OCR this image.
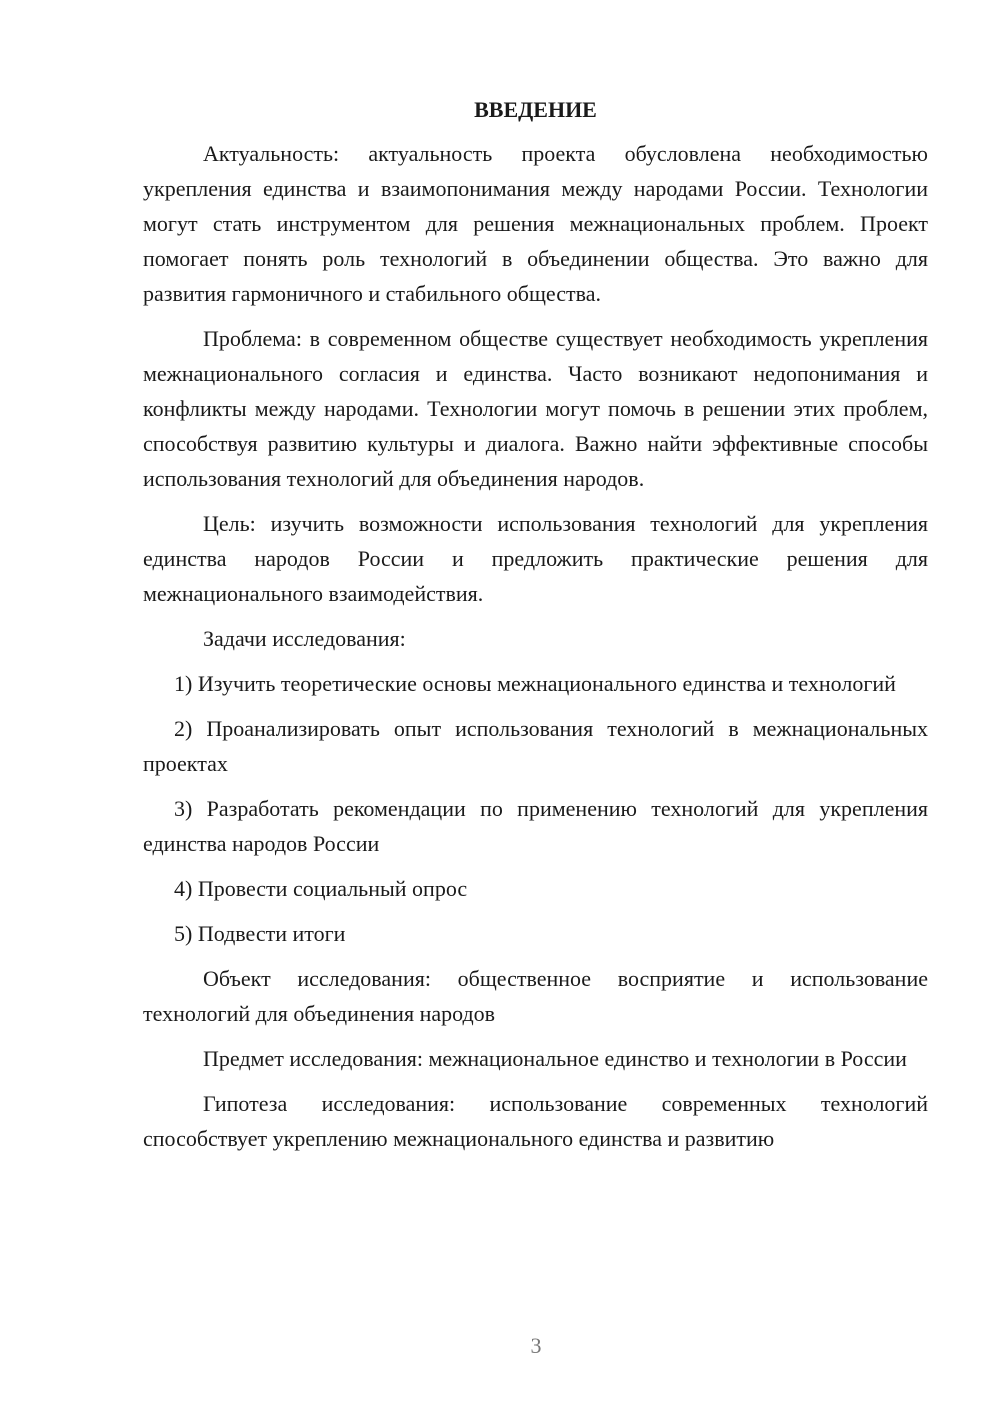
ВВЕДЕНИЕ

Актуальность: актуальность проекта обусловлена необходимостью укрепления единства и взаимопонимания между народами России. Технологии могут стать инструментом для решения межнациональных проблем. Проект помогает понять роль технологий в объединении общества. Это важно для развития гармоничного и стабильного общества.

Проблема: в современном обществе существует необходимость укрепления межнационального согласия и единства. Часто возникают недопонимания и конфликты между народами. Технологии могут помочь в решении этих проблем, способствуя развитию культуры и диалога. Важно найти эффективные способы использования технологий для объединения народов.

Цель: изучить возможности использования технологий для укрепления единства народов России и предложить практические решения для межнационального взаимодействия.

Задачи исследования:

1) Изучить теоретические основы межнационального единства и технологий

2) Проанализировать опыт использования технологий в межнациональных проектах

3) Разработать рекомендации по применению технологий для укрепления единства народов России

4) Провести социальный опрос

5) Подвести итоги

Объект исследования: общественное восприятие и использование технологий для объединения народов

Предмет исследования: межнациональное единство и технологии в России

Гипотеза исследования: использование современных технологий способствует укреплению межнационального единства и развитию

3
